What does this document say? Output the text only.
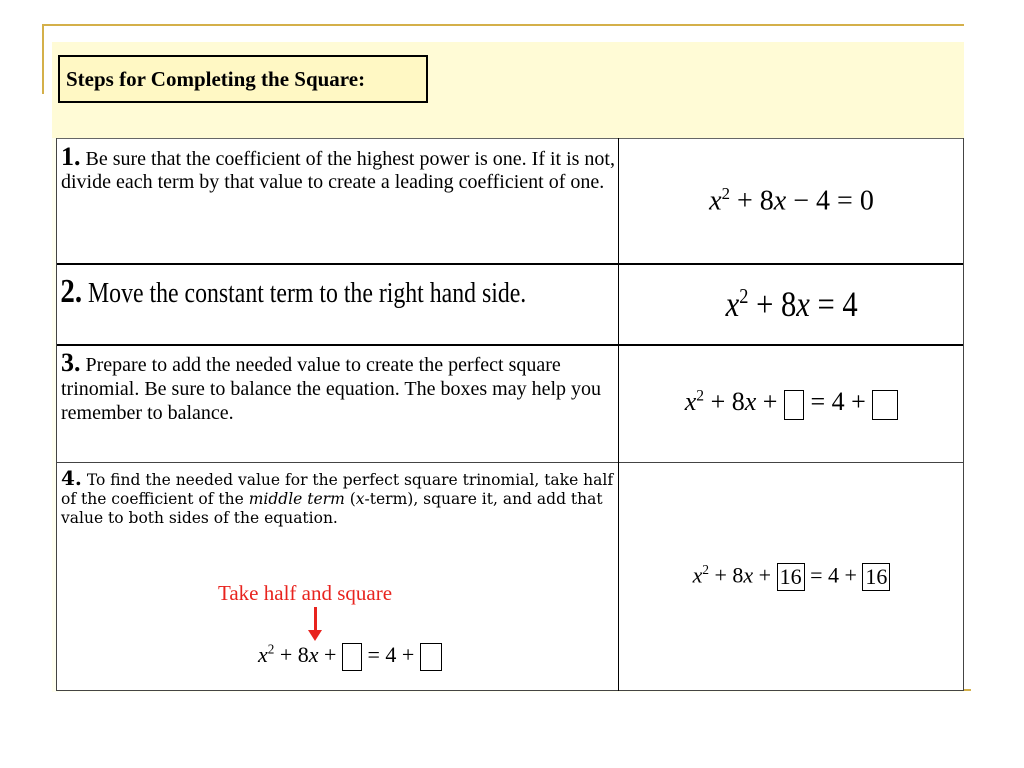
Steps for Completing the Square:
1. Be sure that the coefficient of the highest power is one. If it is not, divide each term by that value to create a leading coefficient of one.
$x^2 + 8x - 4 = 0$
2. Move the constant term to the right hand side.	$x^2 + 8x = 4$
3. Prepare to add the needed value to create the perfect square trinomial. Be sure to balance the equation. The boxes may help you remember to balance.	$x^2 + 8x$ +  = 4 +
4. To find the needed value for the perfect square trinomial, take half of the coefficient of the middle term (x-term), square it, and add that value to both sides of the equation.
Take half and square
$x^2 + 8x$ +  = 4 +
$x^2 + 8x + 16 = 4 + 16$
